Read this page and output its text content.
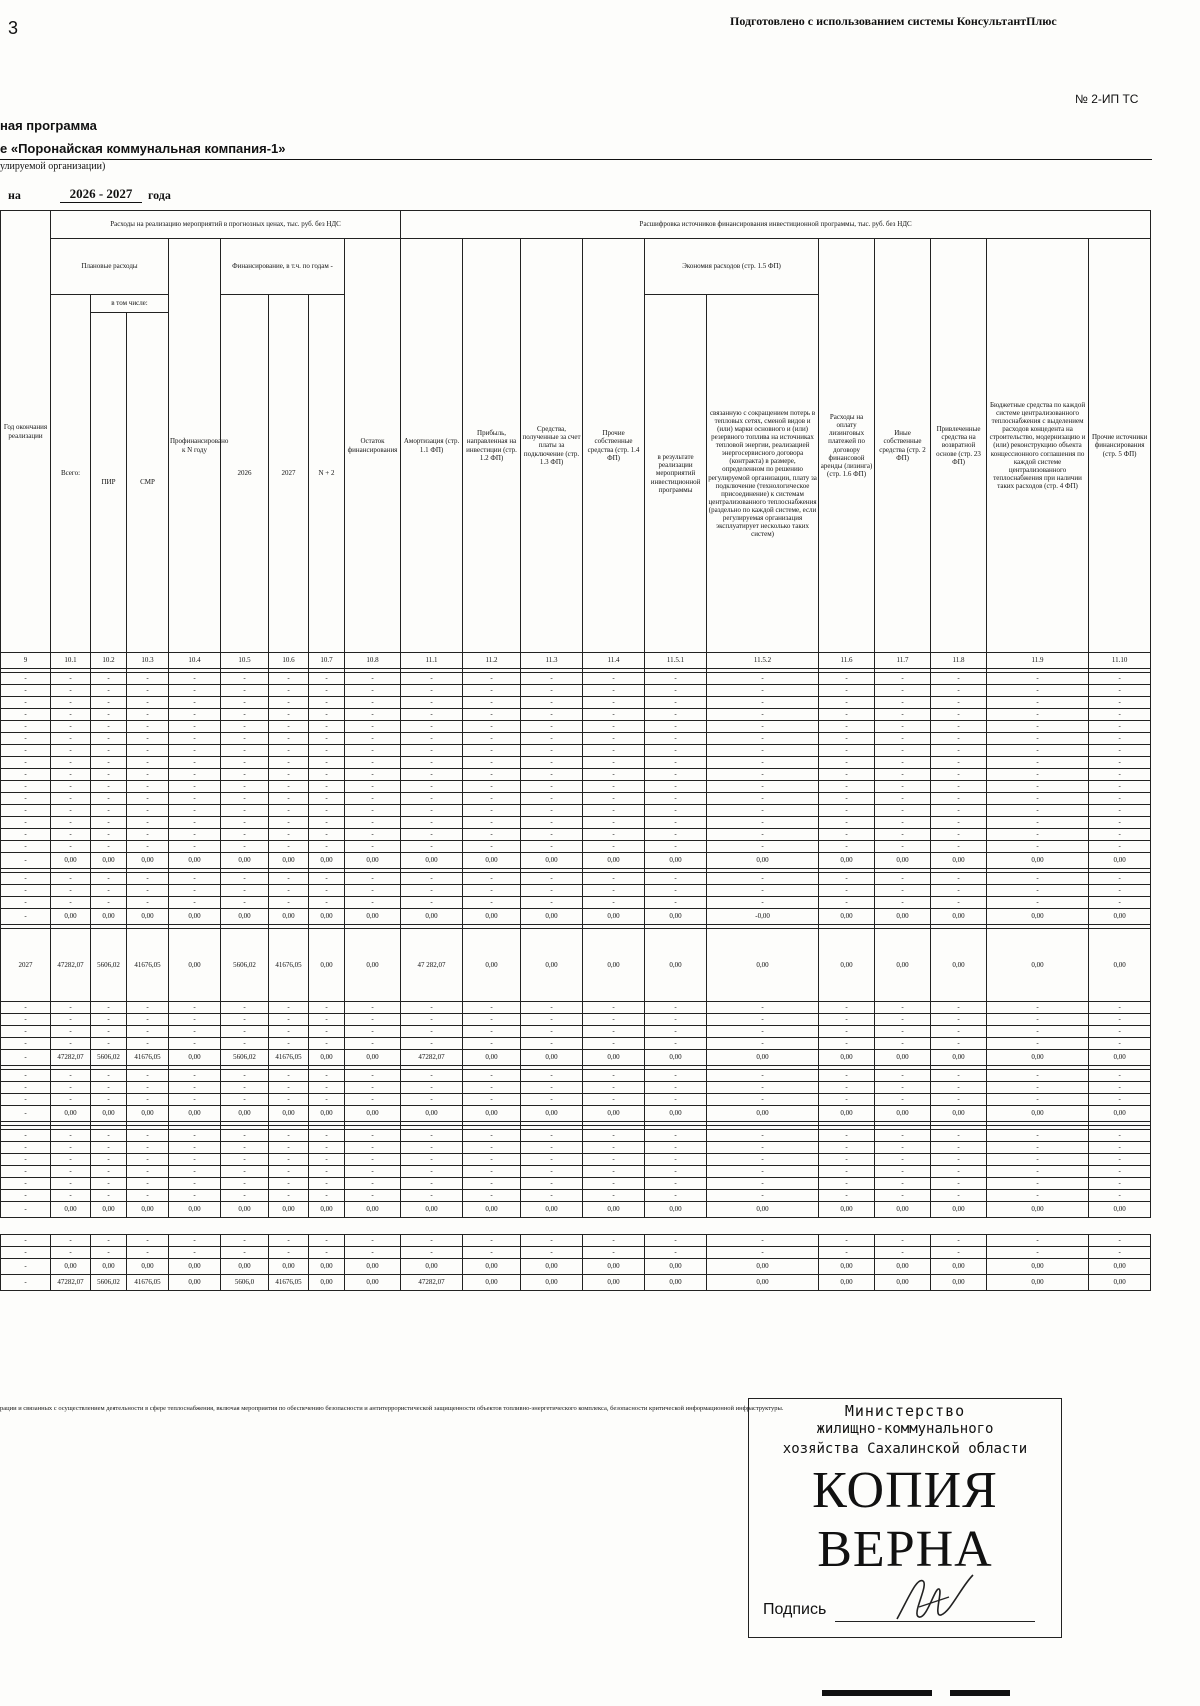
3	Подготовлено с использованием системы КонсультантПлюс
№ 2-ИП ТС
ная программа
е «Поронайская коммунальная компания-1»
улируемой организации)
на	2026 - 2027	года
Год окончания реализации	Расходы на реализацию мероприятий в прогнозных ценах, тыс. руб. без НДС								Расшифровка источников финансирования инвестиционной программы, тыс. руб. без НДС										
	Плановые расходы			Профинансировано к N году	Финансирование, в т.ч. по годам -			Остаток финансирования	Амортизация (стр. 1.1 ФП)	Прибыль, направленная на инвестиции (стр. 1.2 ФП)	Средства, полученные за счет платы за подключение (стр. 1.3 ФП)	Прочие собственные средства (стр. 1.4 ФП)	Экономия расходов (стр. 1.5 ФП)		Расходы на оплату лизинговых платежей по договору финансовой аренды (лизинга) (стр. 1.6 ФП)	Иные собственные средства (стр. 2 ФП)	Привлеченные средства на возвратной основе (стр. 23 ФП)	Бюджетные средства по каждой системе централизованного теплоснабжения с выделением расходов концедента на строительство, модернизацию и (или) реконструкцию объекта концессионного соглашения по каждой системе централизованного теплоснабжения при наличии таких расходов (стр. 4 ФП)	Прочие источники финансирования (стр. 5 ФП)
	Всего:	в том числе:			2026	2027	N + 2						в результате реализации мероприятий инвестиционной программы	связанную с сокращением потерь в тепловых сетях, сменой видов и (или) марки основного и (или) резервного топлива на источниках тепловой энергии, реализацией энергосервисного договора (контракта) в размере, определенном по решению регулируемой организации, плату за подключение (технологическое присоединение) к системам централизованного теплоснабжения (раздельно по каждой системе, если регулируемая организация эксплуатирует несколько таких систем)					
		ПИР	СМР																
9	10.1	10.2	10.3	10.4	10.5	10.6	10.7	10.8	11.1	11.2	11.3	11.4	11.5.1	11.5.2	11.6	11.7	11.8	11.9	11.10

-	-	-	-	-	-	-	-	-	-	-	-	-	-	-	-	-	-	-	-
-	-	-	-	-	-	-	-	-	-	-	-	-	-	-	-	-	-	-	-
-	-	-	-	-	-	-	-	-	-	-	-	-	-	-	-	-	-	-	-
-	-	-	-	-	-	-	-	-	-	-	-	-	-	-	-	-	-	-	-
-	-	-	-	-	-	-	-	-	-	-	-	-	-	-	-	-	-	-	-
-	-	-	-	-	-	-	-	-	-	-	-	-	-	-	-	-	-	-	-
-	-	-	-	-	-	-	-	-	-	-	-	-	-	-	-	-	-	-	-
-	-	-	-	-	-	-	-	-	-	-	-	-	-	-	-	-	-	-	-
-	-	-	-	-	-	-	-	-	-	-	-	-	-	-	-	-	-	-	-
-	-	-	-	-	-	-	-	-	-	-	-	-	-	-	-	-	-	-	-
-	-	-	-	-	-	-	-	-	-	-	-	-	-	-	-	-	-	-	-
-	-	-	-	-	-	-	-	-	-	-	-	-	-	-	-	-	-	-	-
-	-	-	-	-	-	-	-	-	-	-	-	-	-	-	-	-	-	-	-
-	-	-	-	-	-	-	-	-	-	-	-	-	-	-	-	-	-	-	-
-	-	-	-	-	-	-	-	-	-	-	-	-	-	-	-	-	-	-	-
-	0,00	0,00	0,00	0,00	0,00	0,00	0,00	0,00	0,00	0,00	0,00	0,00	0,00	0,00	0,00	0,00	0,00	0,00	0,00

-	-	-	-	-	-	-	-	-	-	-	-	-	-	-	-	-	-	-	-
-	-	-	-	-	-	-	-	-	-	-	-	-	-	-	-	-	-	-	-
-	-	-	-	-	-	-	-	-	-	-	-	-	-	-	-	-	-	-	-
-	0,00	0,00	0,00	0,00	0,00	0,00	0,00	0,00	0,00	0,00	0,00	0,00	0,00	-0,00	0,00	0,00	0,00	0,00	0,00

2027	47282,07	5606,02	41676,05	0,00	5606,02	41676,05	0,00	0,00	47 282,07	0,00	0,00	0,00	0,00	0,00	0,00	0,00	0,00	0,00	0,00
-	-	-	-	-	-	-	-	-	-	-	-	-	-	-	-	-	-	-	-
-	-	-	-	-	-	-	-	-	-	-	-	-	-	-	-	-	-	-	-
-	-	-	-	-	-	-	-	-	-	-	-	-	-	-	-	-	-	-	-
-	-	-	-	-	-	-	-	-	-	-	-	-	-	-	-	-	-	-	-
-	47282,07	5606,02	41676,05	0,00	5606,02	41676,05	0,00	0,00	47282,07	0,00	0,00	0,00	0,00	0,00	0,00	0,00	0,00	0,00	0,00

-	-	-	-	-	-	-	-	-	-	-	-	-	-	-	-	-	-	-	-
-	-	-	-	-	-	-	-	-	-	-	-	-	-	-	-	-	-	-	-
-	-	-	-	-	-	-	-	-	-	-	-	-	-	-	-	-	-	-	-
-	0,00	0,00	0,00	0,00	0,00	0,00	0,00	0,00	0,00	0,00	0,00	0,00	0,00	0,00	0,00	0,00	0,00	0,00	0,00

-	-	-	-	-	-	-	-	-	-	-	-	-	-	-	-	-	-	-	-
-	-	-	-	-	-	-	-	-	-	-	-	-	-	-	-	-	-	-	-
-	-	-	-	-	-	-	-	-	-	-	-	-	-	-	-	-	-	-	-
-	-	-	-	-	-	-	-	-	-	-	-	-	-	-	-	-	-	-	-
-	-	-	-	-	-	-	-	-	-	-	-	-	-	-	-	-	-	-	-
-	-	-	-	-	-	-	-	-	-	-	-	-	-	-	-	-	-	-	-
-	0,00	0,00	0,00	0,00	0,00	0,00	0,00	0,00	0,00	0,00	0,00	0,00	0,00	0,00	0,00	0,00	0,00	0,00	0,00

-	-	-	-	-	-	-	-	-	-	-	-	-	-	-	-	-	-	-	-
-	-	-	-	-	-	-	-	-	-	-	-	-	-	-	-	-	-	-	-
-	0,00	0,00	0,00	0,00	0,00	0,00	0,00	0,00	0,00	0,00	0,00	0,00	0,00	0,00	0,00	0,00	0,00	0,00	0,00
-	47282,07	5606,02	41676,05	0,00	5606,0	41676,05	0,00	0,00	47282,07	0,00	0,00	0,00	0,00	0,00	0,00	0,00	0,00	0,00	0,00
рации и связанных с осуществлением деятельности в сфере теплоснабжения, включая мероприятия по обеспечению безопасности и антитеррористической защищенности объектов топливно-энергетического комплекса, безопасности критической информационной инфраструктуры.	Министерство
жилищно-коммунального
хозяйства Сахалинской области
КОПИЯ ВЕРНА
Подпись
